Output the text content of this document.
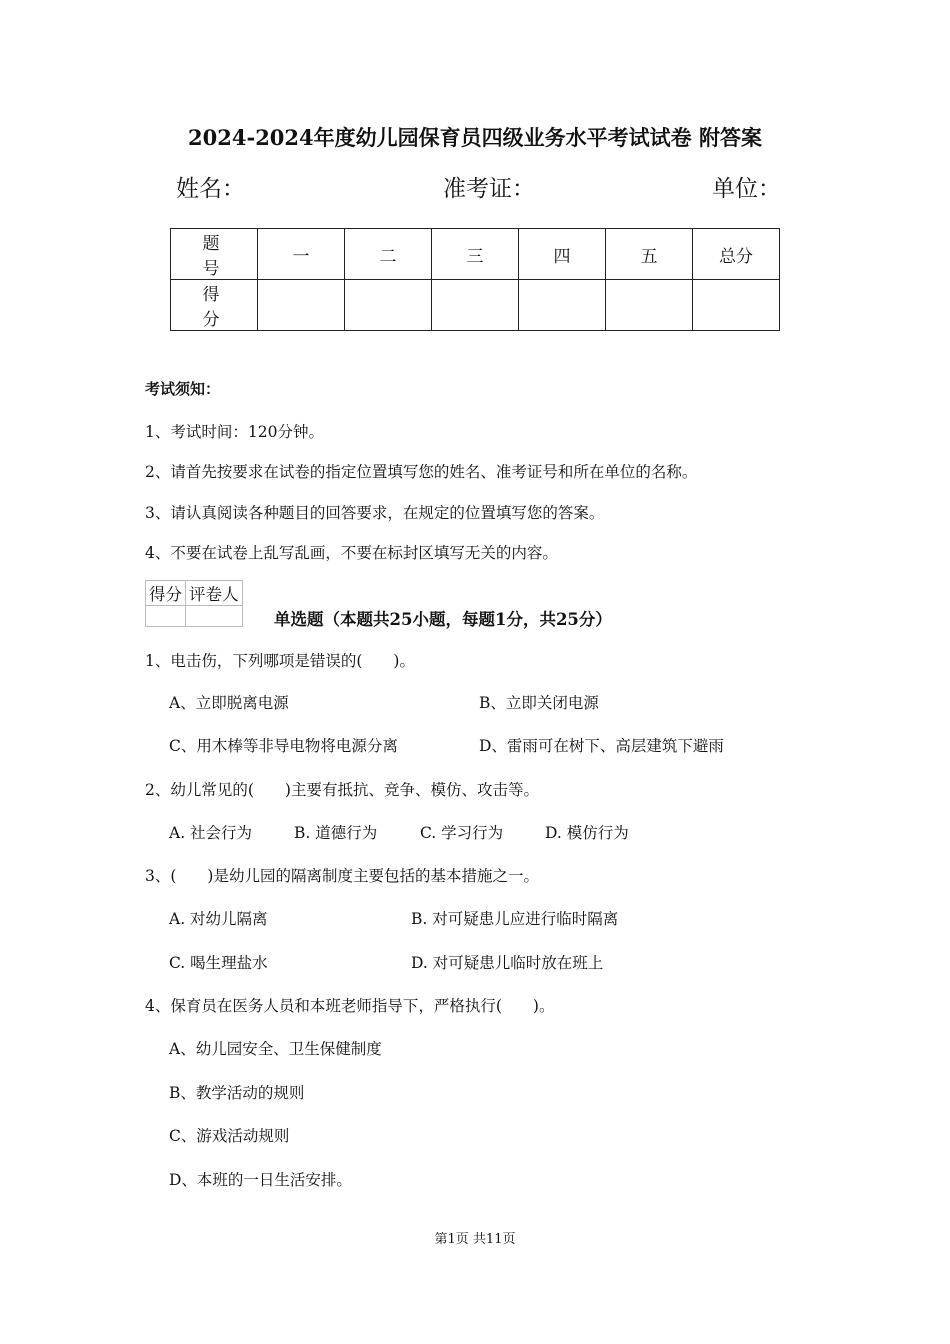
2024-2024年度幼儿园保育员四级业务水平考试试卷 附答案
姓名：	准考证：	单位：
题 号	一	二	三	四	五	总分
得 分						
考试须知：
1、考试时间：120分钟。
2、请首先按要求在试卷的指定位置填写您的姓名、准考证号和所在单位的名称。
3、请认真阅读各种题目的回答要求，在规定的位置填写您的答案。
4、不要在试卷上乱写乱画，不要在标封区填写无关的内容。
得分	评卷人

单选题（本题共25小题，每题1分，共25分）
1、电击伤，下列哪项是错误的(　　)。
A、立即脱离电源	B、立即关闭电源
C、用木棒等非导电物将电源分离	D、雷雨可在树下、高层建筑下避雨
2、幼儿常见的(　　)主要有抵抗、竞争、模仿、攻击等。
A. 社会行为	B. 道德行为	C. 学习行为	D. 模仿行为
3、(　　)是幼儿园的隔离制度主要包括的基本措施之一。
A. 对幼儿隔离	B. 对可疑患儿应进行临时隔离
C. 喝生理盐水	D. 对可疑患儿临时放在班上
4、保育员在医务人员和本班老师指导下，严格执行(　　)。
A、幼儿园安全、卫生保健制度
B、教学活动的规则
C、游戏活动规则
D、本班的一日生活安排。
第1页 共11页
